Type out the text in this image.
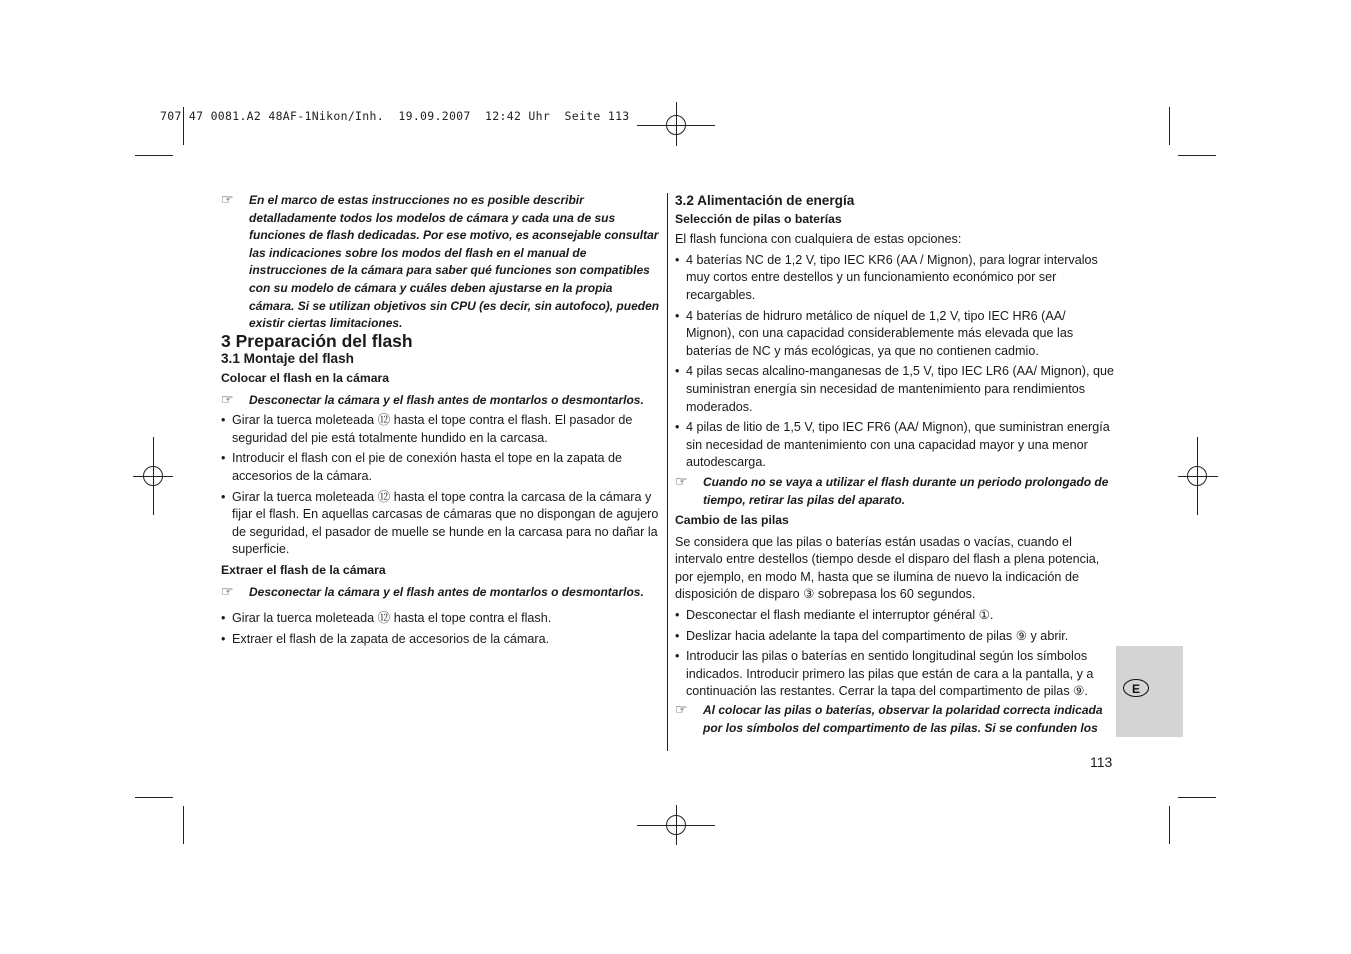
707 47 0081.A2 48AF-1Nikon/Inh.  19.09.2007  12:42 Uhr  Seite 113

☞ En el marco de estas instrucciones no es posible describir detalladamente todos los modelos de cámara y cada una de sus funciones de flash dedicadas. Por ese motivo, es aconsejable consultar las indicaciones sobre los modos del flash en el manual de instrucciones de la cámara para saber qué funciones son compatibles con su modelo de cámara y cuáles deben ajustarse en la propia cámara. Si se utilizan objetivos sin CPU (es decir, sin autofoco), pueden existir ciertas limitaciones.

3 Preparación del flash

3.1 Montaje del flash

Colocar el flash en la cámara

☞ Desconectar la cámara y el flash antes de montarlos o desmontarlos.

• Girar la tuerca moleteada ⑫ hasta el tope contra el flash. El pasador de seguridad del pie está totalmente hundido en la carcasa.

• Introducir el flash con el pie de conexión hasta el tope en la zapata de accesorios de la cámara.

• Girar la tuerca moleteada ⑫ hasta el tope contra la carcasa de la cámara y fijar el flash. En aquellas carcasas de cámaras que no dispongan de agujero de seguridad, el pasador de muelle se hunde en la carcasa para no dañar la superficie.

Extraer el flash de la cámara

☞ Desconectar la cámara y el flash antes de montarlos o desmontarlos.

• Girar la tuerca moleteada ⑫ hasta el tope contra el flash.

• Extraer el flash de la zapata de accesorios de la cámara.

3.2 Alimentación de energía

Selección de pilas o baterías

El flash funciona con cualquiera de estas opciones:

• 4 baterías NC de 1,2 V, tipo IEC KR6 (AA / Mignon), para lograr intervalos muy cortos entre destellos y un funcionamiento económico por ser recargables.

• 4 baterías de hidruro metálico de níquel de 1,2 V, tipo IEC HR6 (AA/ Mignon), con una capacidad considerablemente más elevada que las baterías de NC y más ecológicas, ya que no contienen cadmio.

• 4 pilas secas alcalino-manganesas de 1,5 V, tipo IEC LR6 (AA/ Mignon), que suministran energía sin necesidad de mantenimiento para rendimientos moderados.

• 4 pilas de litio de 1,5 V, tipo IEC FR6 (AA/ Mignon), que suministran energía sin necesidad de mantenimiento con una capacidad mayor y una menor autodescarga.

☞ Cuando no se vaya a utilizar el flash durante un periodo prolongado de tiempo, retirar las pilas del aparato.

Cambio de las pilas

Se considera que las pilas o baterías están usadas o vacías, cuando el intervalo entre destellos (tiempo desde el disparo del flash a plena potencia, por ejemplo, en modo M, hasta que se ilumina de nuevo la indicación de disposición de disparo ③ sobrepasa los 60 segundos.

• Desconectar el flash mediante el interruptor général ①.

• Deslizar hacia adelante la tapa del compartimento de pilas ⑨ y abrir.

• Introducir las pilas o baterías en sentido longitudinal según los símbolos indicados. Introducir primero las pilas que están de cara a la pantalla, y a continuación las restantes. Cerrar la tapa del compartimento de pilas ⑨.

☞ Al colocar las pilas o baterías, observar la polaridad correcta indicada por los símbolos del compartimento de las pilas. Si se confunden los

E
113
